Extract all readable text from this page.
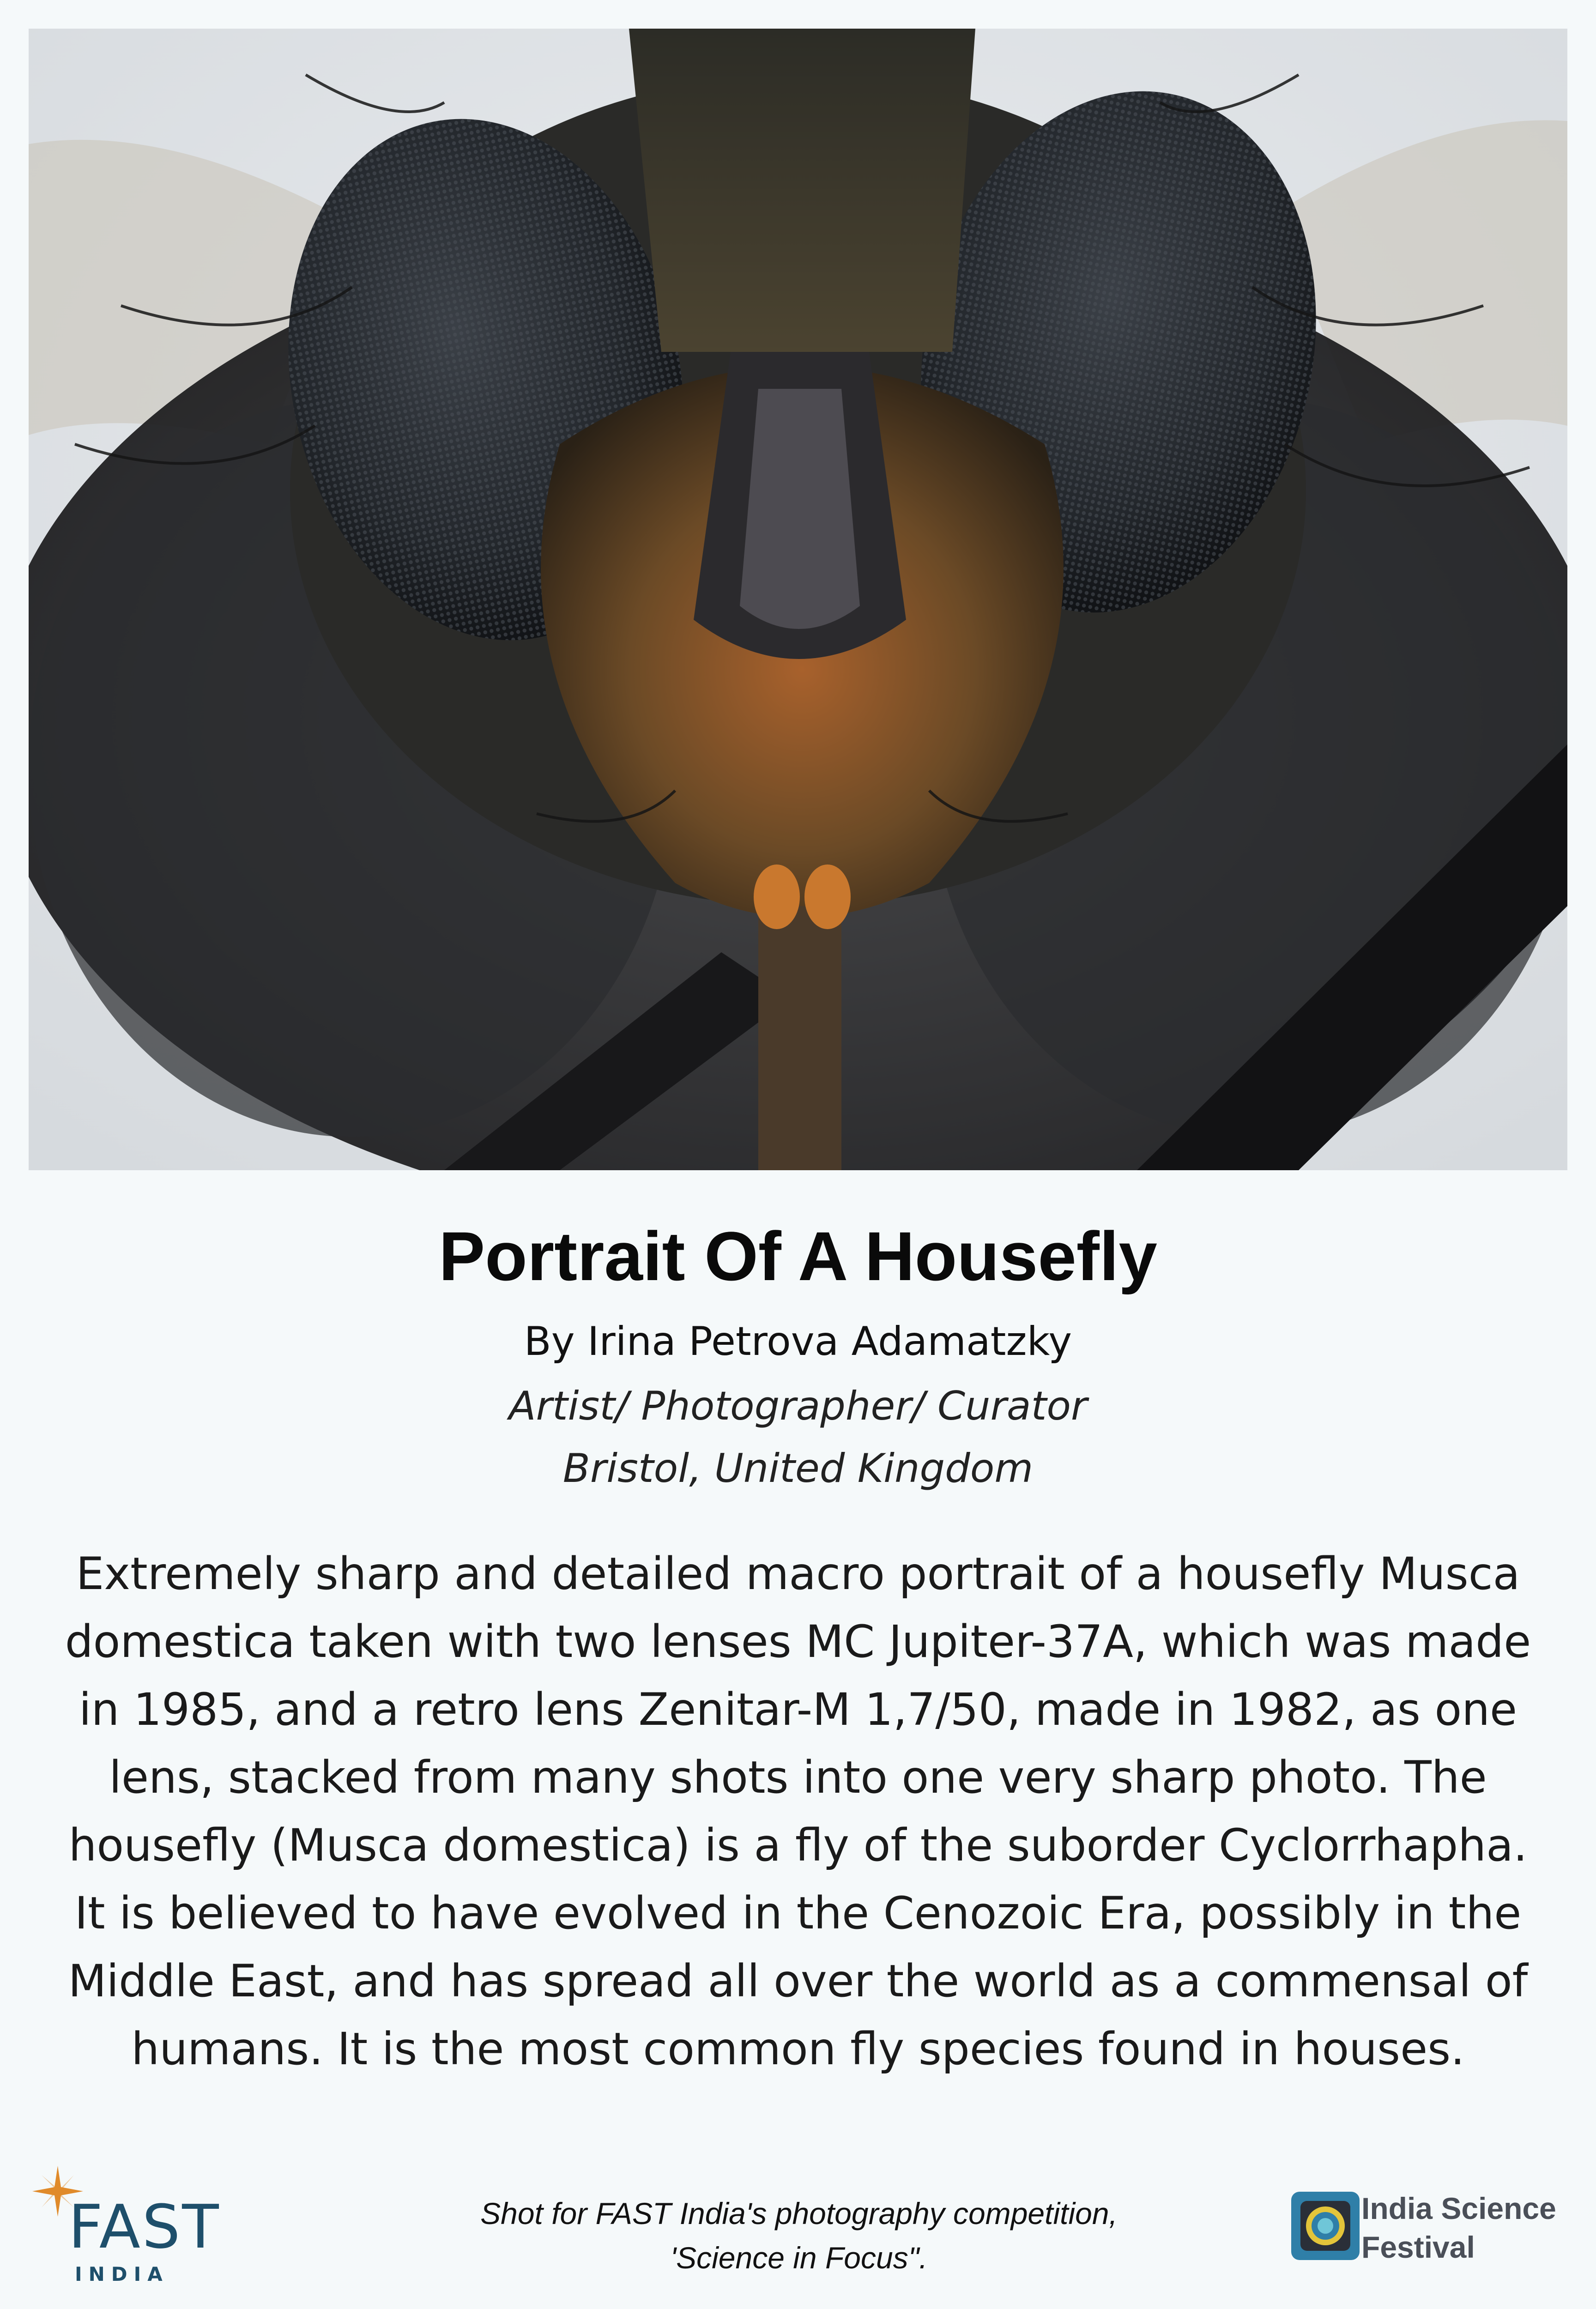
Portrait Of A Housefly
By Irina Petrova Adamatzky
Artist/ Photographer/ Curator
Bristol, United Kingdom
Extremely sharp and detailed macro portrait of a housefly Musca domestica taken with two lenses MC Jupiter-37A, which was made in 1985, and a retro lens Zenitar-M 1,7/50, made in 1982, as one lens, stacked from many shots into one very sharp photo. The housefly (Musca domestica) is a fly of the suborder Cyclorrhapha. It is believed to have evolved in the Cenozoic Era, possibly in the Middle East, and has spread all over the world as a commensal of humans. It is the most common fly species found in houses.
FAST
INDIA
Shot for FAST India's photography competition,
'Science in Focus".
India Science
Festival
